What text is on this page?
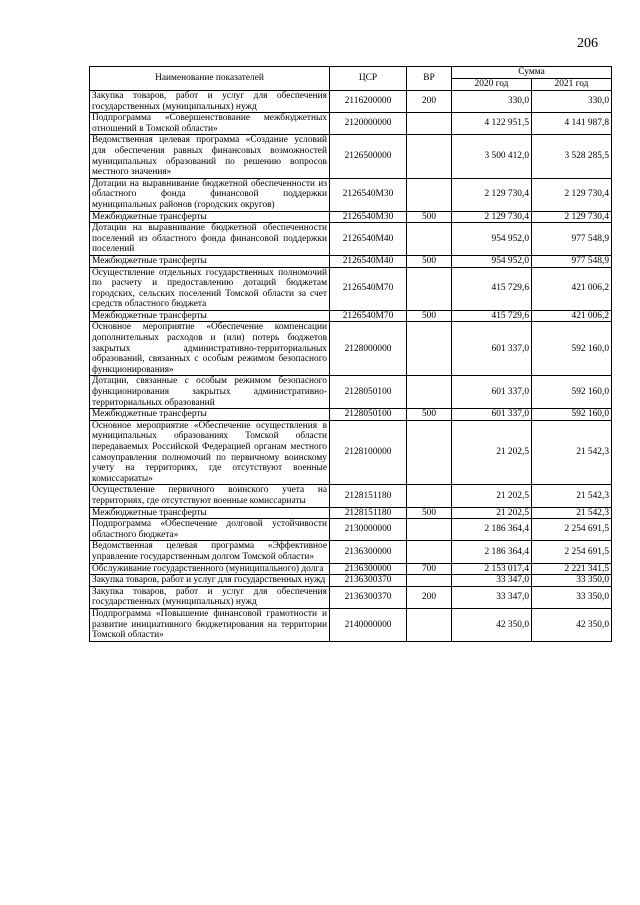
206
Наименование показателей	ЦСР	ВР	Сумма	
			2020 год	2021 год
Закупка товаров, работ и услуг для обеспечения государственных (муниципальных) нужд	2116200000	200	330,0	330,0
Подпрограмма «Совершенствование межбюджетных отношений в Томской области»	2120000000		4 122 951,5	4 141 987,8
Ведомственная целевая программа «Создание условий для обеспечения равных финансовых возможностей муниципальных образований по решению вопросов местного значения»	2126500000		3 500 412,0	3 528 285,5
Дотации на выравнивание бюджетной обеспеченности из областного фонда финансовой поддержки муниципальных районов (городских округов)	2126540М30		2 129 730,4	2 129 730,4
Межбюджетные трансферты	2126540М30	500	2 129 730,4	2 129 730,4
Дотации на выравнивание бюджетной обеспеченности поселений из областного фонда финансовой поддержки поселений	2126540М40		954 952,0	977 548,9
Межбюджетные трансферты	2126540М40	500	954 952,0	977 548,9
Осуществление отдельных государственных полномочий по расчету и предоставлению дотаций бюджетам городских, сельских поселений Томской области за счет средств областного бюджета	2126540М70		415 729,6	421 006,2
Межбюджетные трансферты	2126540М70	500	415 729,6	421 006,2
Основное мероприятие «Обеспечение компенсации дополнительных расходов и (или) потерь бюджетов закрытых административно-территориальных образований, связанных с особым режимом безопасного функционирования»	2128000000		601 337,0	592 160,0
Дотации, связанные с особым режимом безопасного функционирования закрытых административно-территориальных образований	2128050100		601 337,0	592 160,0
Межбюджетные трансферты	2128050100	500	601 337,0	592 160,0
Основное мероприятие «Обеспечение осуществления в муниципальных образованиях Томской области передаваемых Российской Федерацией органам местного самоуправления полномочий по первичному воинскому учету на территориях, где отсутствуют военные комиссариаты»	2128100000		21 202,5	21 542,3
Осуществление первичного воинского учета на территориях, где отсутствуют военные комиссариаты	2128151180		21 202,5	21 542,3
Межбюджетные трансферты	2128151180	500	21 202,5	21 542,3
Подпрограмма «Обеспечение долговой устойчивости областного бюджета»	2130000000		2 186 364,4	2 254 691,5
Ведомственная целевая программа «Эффективное управление государственным долгом Томской области»	2136300000		2 186 364,4	2 254 691,5
Обслуживание государственного (муниципального) долга	2136300000	700	2 153 017,4	2 221 341,5
Закупка товаров, работ и услуг для государственных нужд	2136300370		33 347,0	33 350,0
Закупка товаров, работ и услуг для обеспечения государственных (муниципальных) нужд	2136300370	200	33 347,0	33 350,0
Подпрограмма «Повышение финансовой грамотности и развитие инициативного бюджетирования на территории Томской области»	2140000000		42 350,0	42 350,0
